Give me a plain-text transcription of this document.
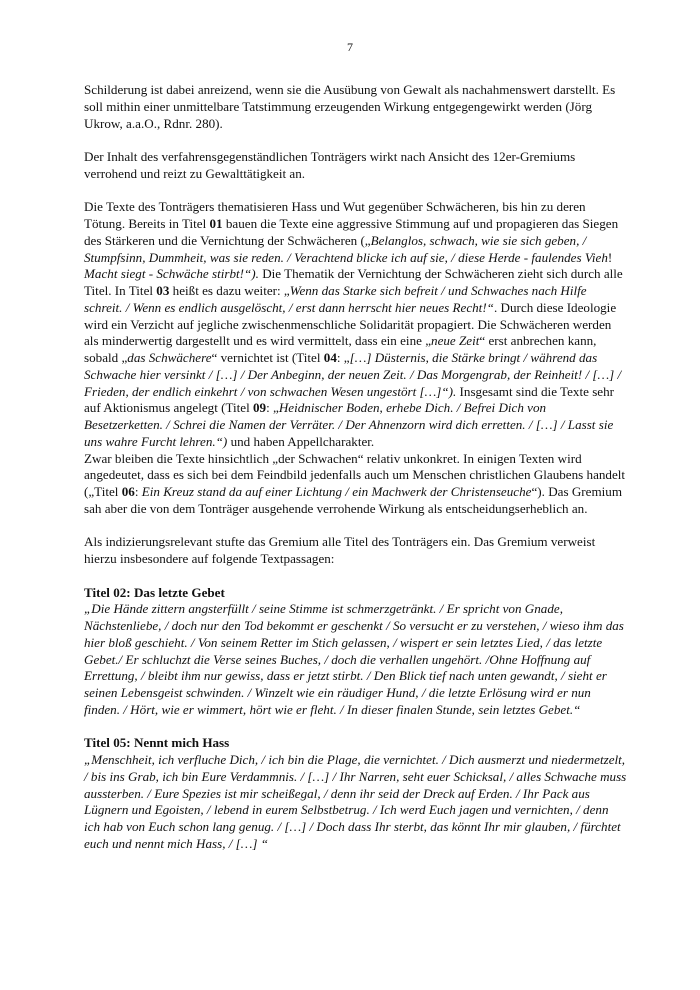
7

Schilderung ist dabei anreizend, wenn sie die Ausübung von Gewalt als nachahmenswert darstellt. Es soll mithin einer unmittelbare Tatstimmung erzeugenden Wirkung entgegengewirkt werden (Jörg Ukrow, a.a.O., Rdnr. 280).

Der Inhalt des verfahrensgegenständlichen Tonträgers wirkt nach Ansicht des 12er-Gremiums verrohend und reizt zu Gewalttätigkeit an.

Die Texte des Tonträgers thematisieren Hass und Wut gegenüber Schwächeren, bis hin zu deren Tötung. Bereits in Titel 01 bauen die Texte eine aggressive Stimmung auf und propagieren das Siegen des Stärkeren und die Vernichtung der Schwächeren („Belanglos, schwach, wie sie sich geben, / Stumpfsinn, Dummheit, was sie reden. / Verachtend blicke ich auf sie, / diese Herde - faulendes Vieh! Macht siegt - Schwäche stirbt!“). Die Thematik der Vernichtung der Schwächeren zieht sich durch alle Titel. In Titel 03 heißt es dazu weiter: „Wenn das Starke sich befreit / und Schwaches nach Hilfe schreit. / Wenn es endlich ausgelöscht, / erst dann herrscht hier neues Recht!“. Durch diese Ideologie wird ein Verzicht auf jegliche zwischenmenschliche Solidarität propagiert. Die Schwächeren werden als minderwertig dargestellt und es wird vermittelt, dass ein eine „neue Zeit“ erst anbrechen kann, sobald „das Schwächere“ vernichtet ist (Titel 04: „[…] Düsternis, die Stärke bringt / während das Schwache hier versinkt / […] / Der Anbeginn, der neuen Zeit. / Das Morgengrab, der Reinheit! / […] / Frieden, der endlich einkehrt / von schwachen Wesen ungestört […]“). Insgesamt sind die Texte sehr auf Aktionismus angelegt (Titel 09: „Heidnischer Boden, erhebe Dich. / Befrei Dich von Besetzerketten. / Schrei die Namen der Verräter. / Der Ahnenzorn wird dich erretten. / […] / Lasst sie uns wahre Furcht lehren.“) und haben Appellcharakter.

Zwar bleiben die Texte hinsichtlich „der Schwachen“ relativ unkonkret. In einigen Texten wird angedeutet, dass es sich bei dem Feindbild jedenfalls auch um Menschen christlichen Glaubens handelt („Titel 06: Ein Kreuz stand da auf einer Lichtung / ein Machwerk der Christenseuche“). Das Gremium sah aber die von dem Tonträger ausgehende verrohende Wirkung als entscheidungserheblich an.

Als indizierungsrelevant stufte das Gremium alle Titel des Tonträgers ein. Das Gremium verweist hierzu insbesondere auf folgende Textpassagen:

Titel 02: Das letzte Gebet

„Die Hände zittern angsterfüllt / seine Stimme ist schmerzgetränkt. / Er spricht von Gnade, Nächstenliebe, / doch nur den Tod bekommt er geschenkt / So versucht er zu verstehen, / wieso ihm das hier bloß geschieht. / Von seinem Retter im Stich gelassen, / wispert er sein letztes Lied, / das letzte Gebet./ Er schluchzt die Verse seines Buches, / doch die verhallen ungehört. /Ohne Hoffnung auf Errettung, / bleibt ihm nur gewiss, dass er jetzt stirbt. / Den Blick tief nach unten gewandt, / sieht er seinen Lebensgeist schwinden. / Winzelt wie ein räudiger Hund, / die letzte Erlösung wird er nun finden. / Hört, wie er wimmert, hört wie er fleht. / In dieser finalen Stunde, sein letztes Gebet.“

Titel 05: Nennt mich Hass

„Menschheit, ich verfluche Dich, / ich bin die Plage, die vernichtet. / Dich ausmerzt und niedermetzelt, / bis ins Grab, ich bin Eure Verdammnis. / […] / Ihr Narren, seht euer Schicksal, / alles Schwache muss aussterben. / Eure Spezies ist mir scheißegal, / denn ihr seid der Dreck auf Erden. / Ihr Pack aus Lügnern und Egoisten, / lebend in eurem Selbstbetrug. / Ich werd Euch jagen und vernichten, / denn ich hab von Euch schon lang genug. / […] / Doch dass Ihr sterbt, das könnt Ihr mir glauben, / fürchtet euch und nennt mich Hass, / […] “
